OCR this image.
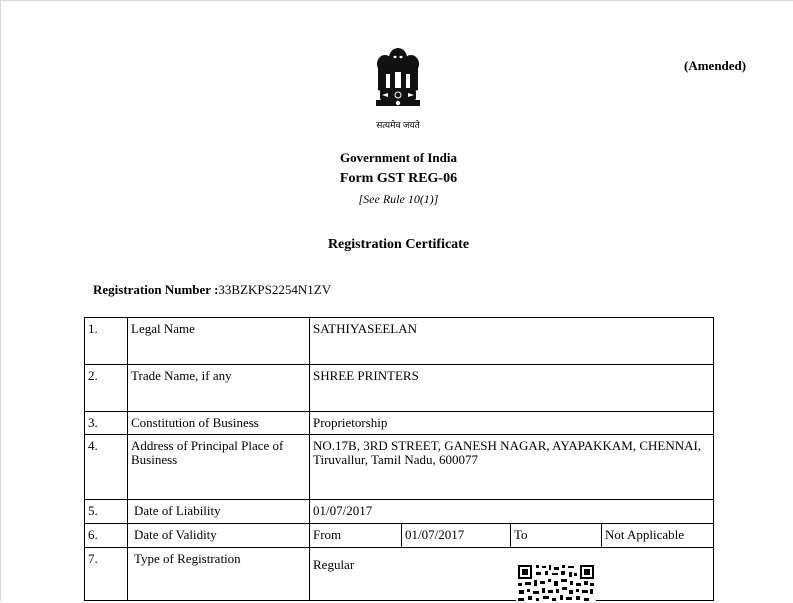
सत्यमेव जयते
(Amended)
Government of India
Form GST REG-06
[See Rule 10(1)]
Registration Certificate
Registration Number :33BZKPS2254N1ZV
1.	Legal Name	SATHIYASEELAN			
2.	Trade Name, if any	SHREE PRINTERS			
3.	Constitution of Business	Proprietorship			
4.	Address of Principal Place of Business	NO.17B, 3RD STREET, GANESH NAGAR, AYAPAKKAM, CHENNAI, Tiruvallur, Tamil Nadu, 600077			
5.	Date of Liability	01/07/2017			
6.	Date of Validity	From	01/07/2017	To	Not Applicable
7.	Type of Registration	Regular			
